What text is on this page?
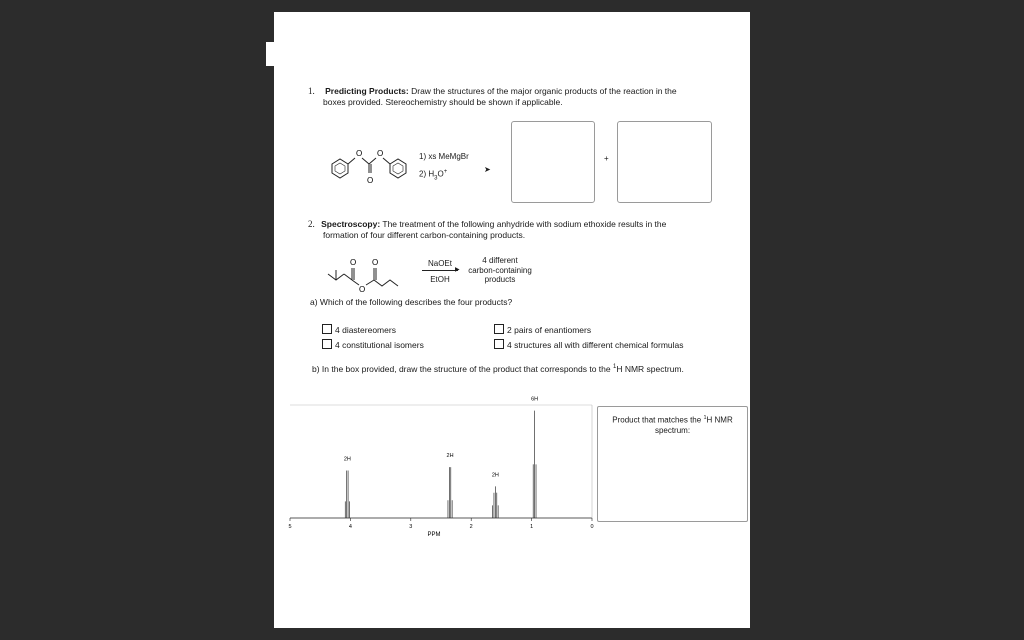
1. Predicting Products: Draw the structures of the major organic products of the reaction in the
boxes provided. Stereochemistry should be shown if applicable.
O O
O
1) xs MeMgBr
2) $H_3O^+$	➤
+
2. Spectroscopy: The treatment of the following anhydride with sodium ethoxide results in the
formation of four different carbon-containing products.
O O
O
NaOEt
▶
EtOH
4 different
carbon-containing
products
a) Which of the following describes the four products?
4 diastereomers	2 pairs of enantiomers
4 constitutional isomers	4 structures all with different chemical formulas
b) In the box provided, draw the structure of the product that corresponds to the $^1$H NMR spectrum.
Product that matches the $^1$H NMR
spectrum:
5	4	3	2	1	0
2H
2H
2H
6H
PPM
